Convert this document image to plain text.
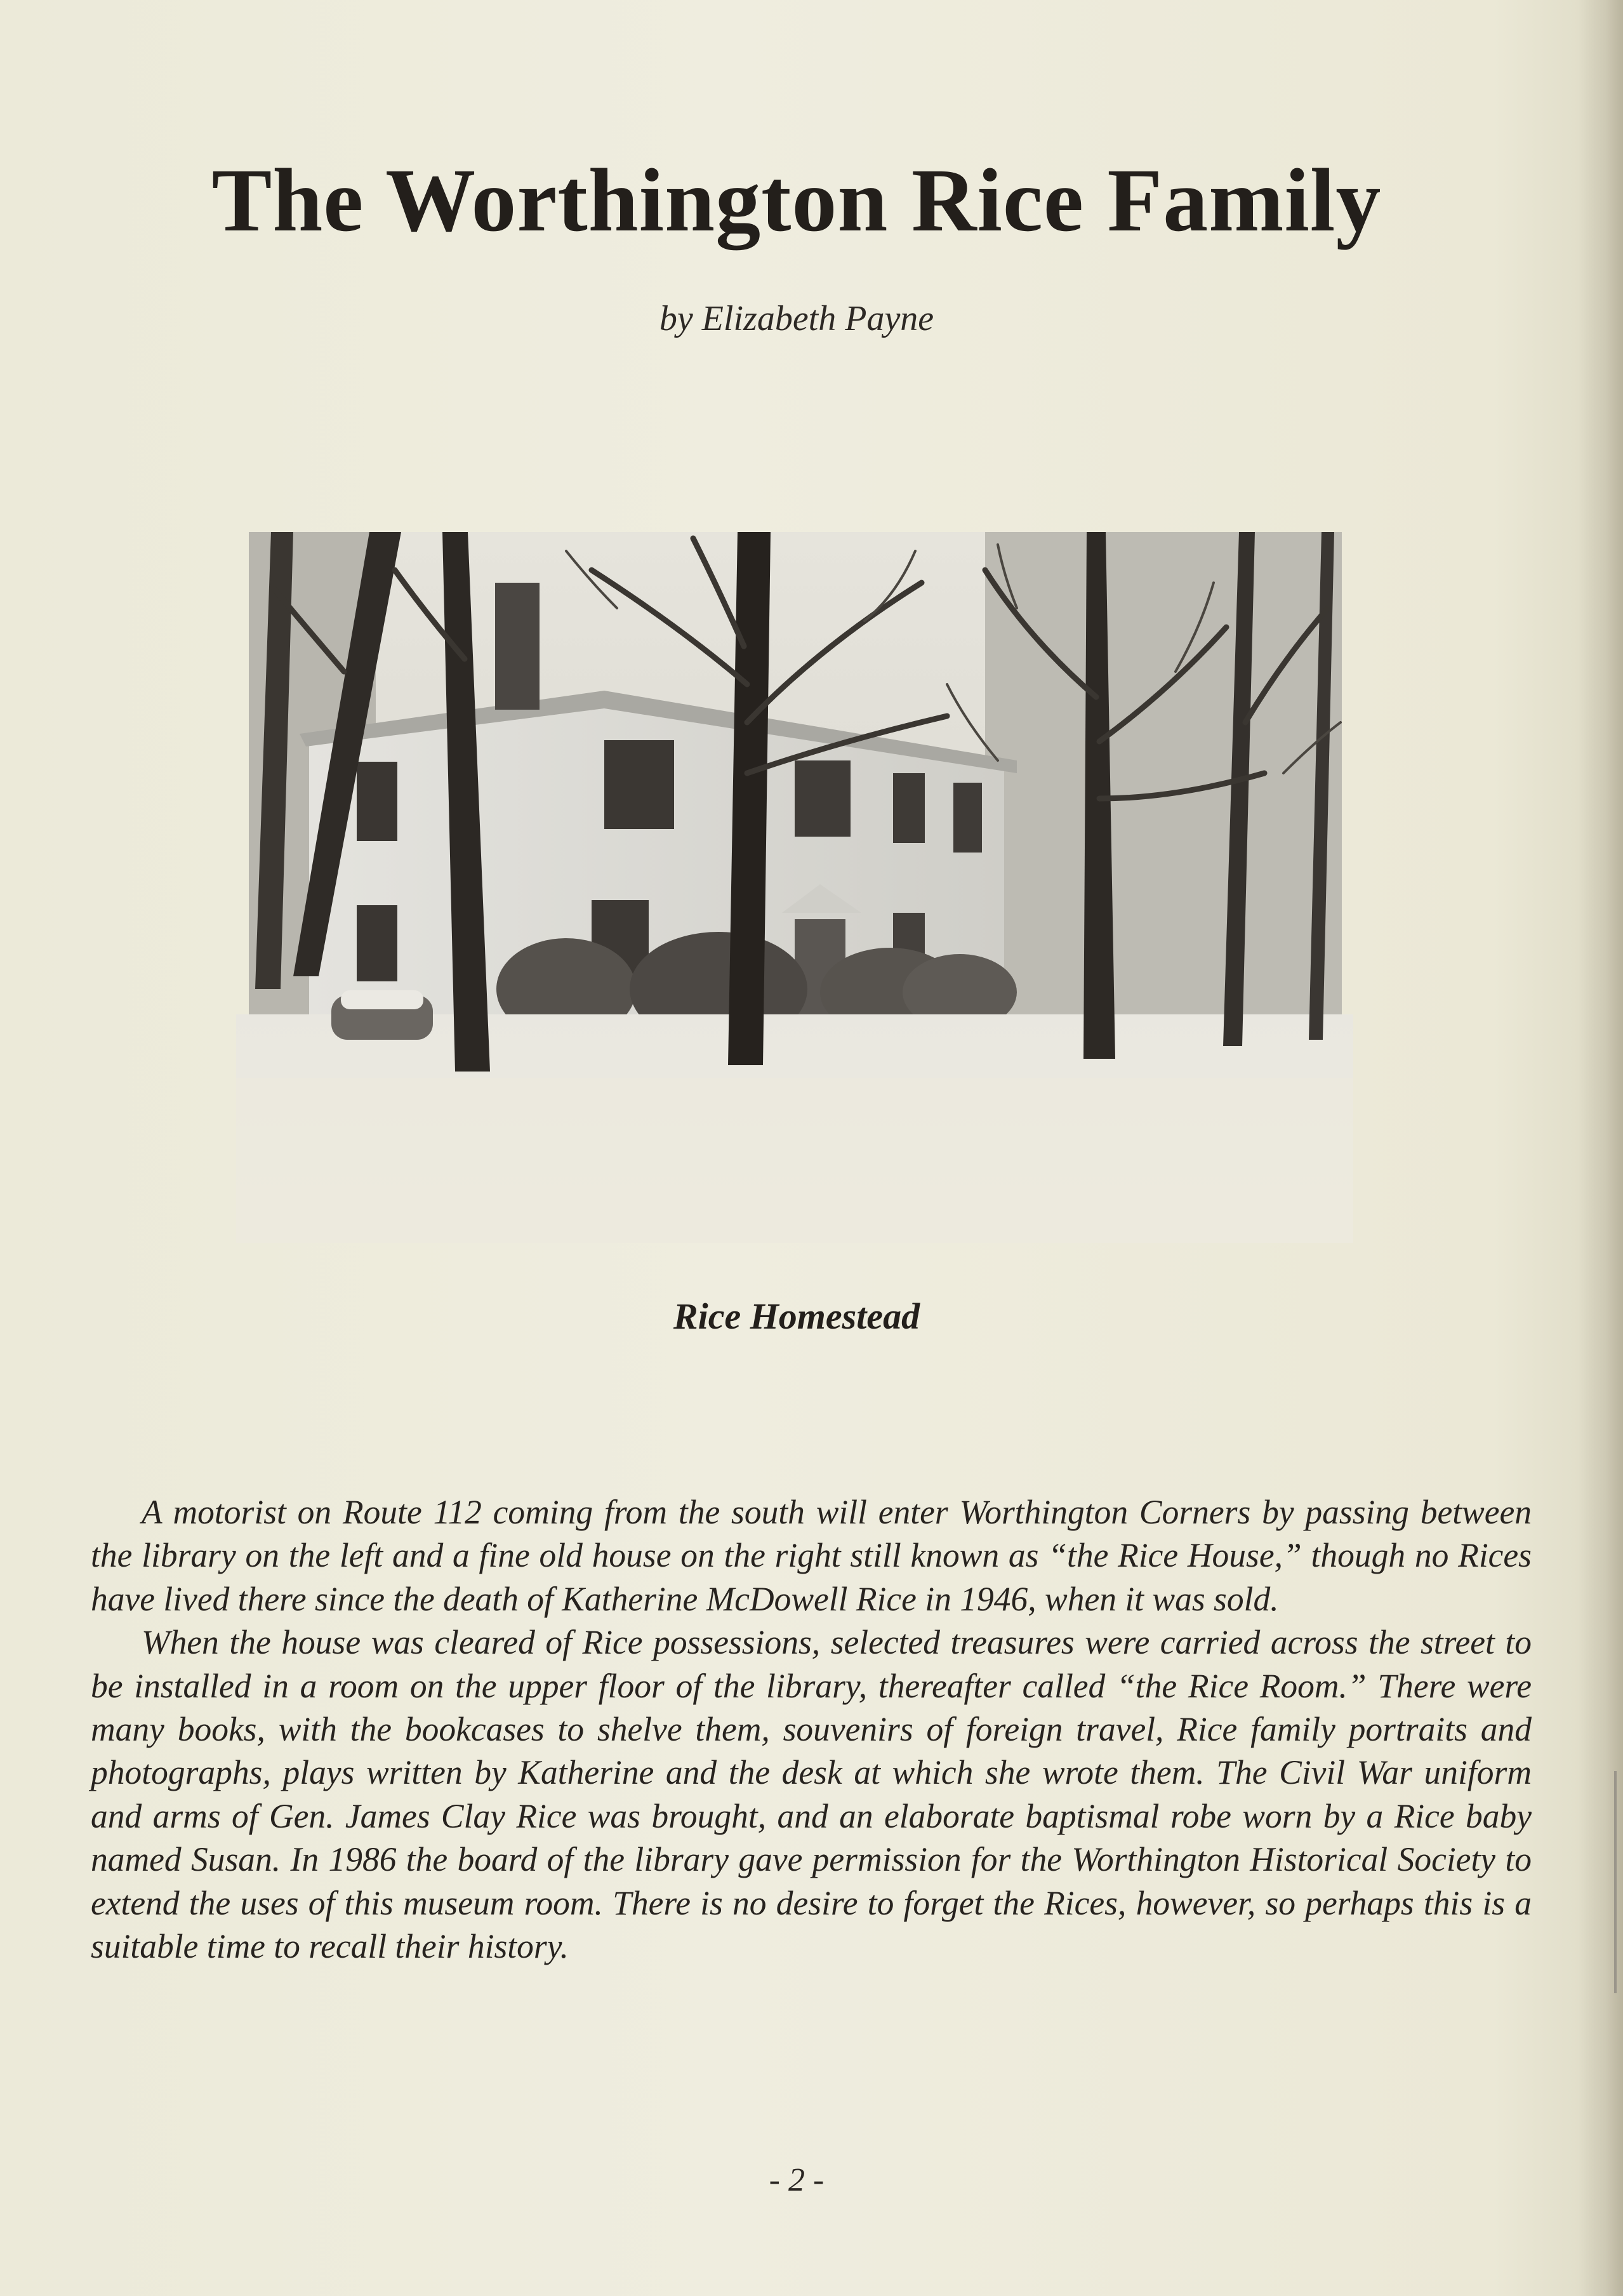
The Worthington Rice Family
by Elizabeth Payne
Rice Homestead

A motorist on Route 112 coming from the south will enter Worthington Corners by passing between the library on the left and a fine old house on the right still known as “the Rice House,” though no Rices have lived there since the death of Katherine McDowell Rice in 1946, when it was sold.

When the house was cleared of Rice possessions, selected treasures were carried across the street to be installed in a room on the upper floor of the library, thereafter called “the Rice Room.” There were many books, with the bookcases to shelve them, souvenirs of foreign travel, Rice family portraits and photographs, plays written by Katherine and the desk at which she wrote them. The Civil War uniform and arms of Gen. James Clay Rice was brought, and an elaborate baptismal robe worn by a Rice baby named Susan. In 1986 the board of the library gave permission for the Worthington Historical Society to extend the uses of this museum room. There is no desire to forget the Rices, however, so perhaps this is a suitable time to recall their history.

- 2 -
